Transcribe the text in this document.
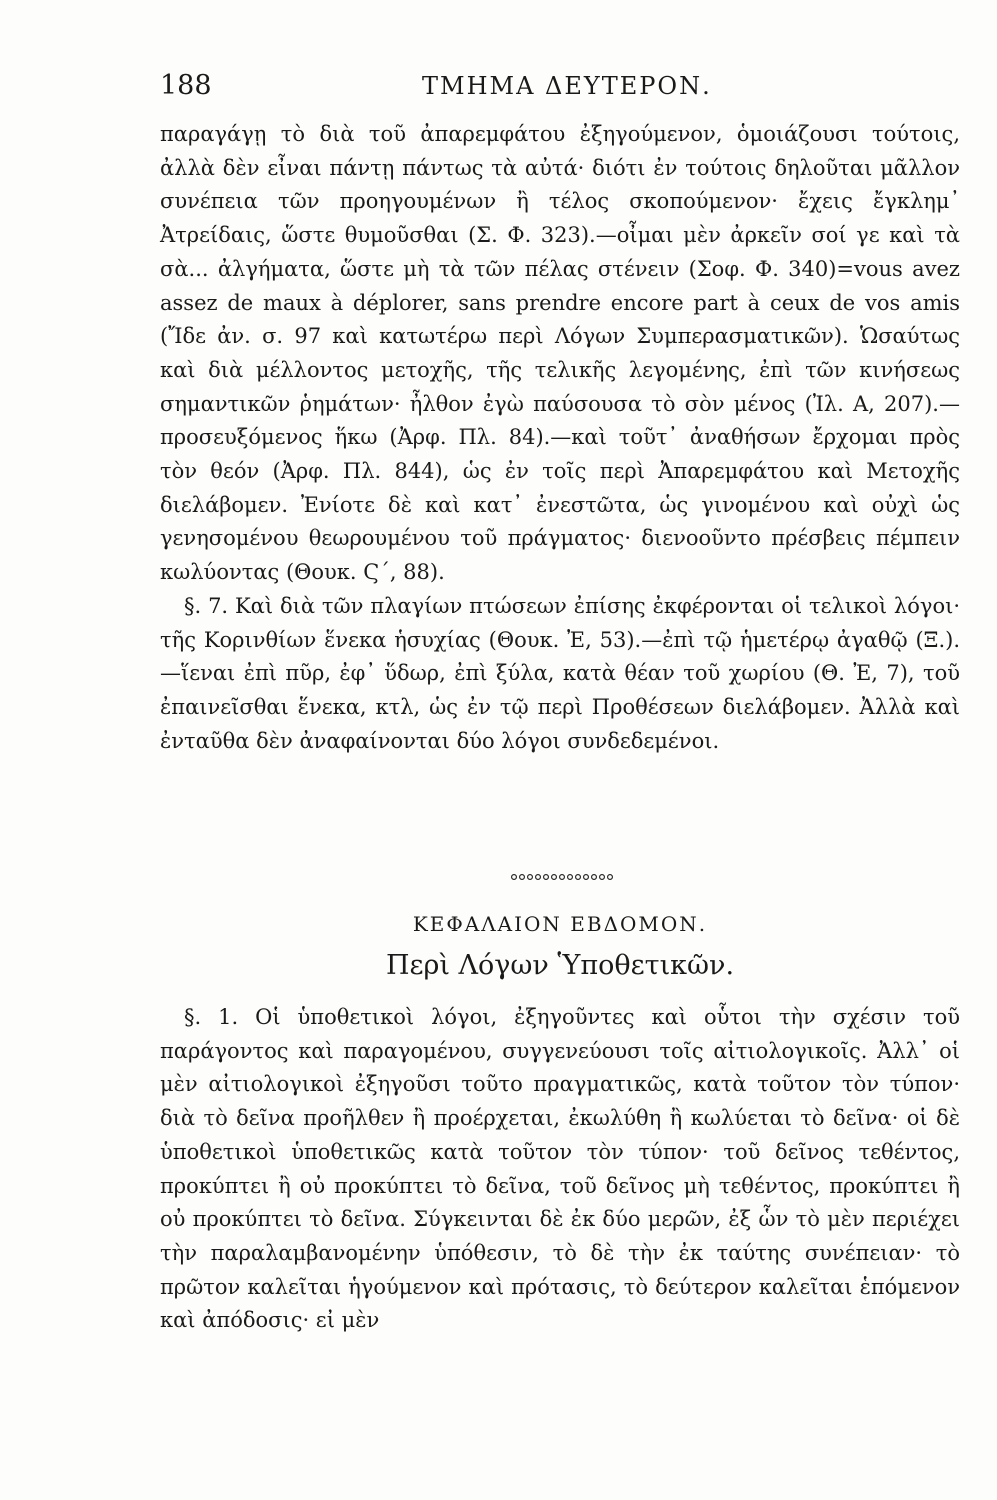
188	ΤΜΗΜΑ ΔΕΥΤΕΡΟΝ.

παραγάγῃ τὸ διὰ τοῦ ἀπαρεμφάτου ἐξηγούμενον, ὁμοιάζουσι τούτοις, ἀλλὰ δὲν εἶναι πάντῃ πάντως τὰ αὐτά· διότι ἐν τούτοις δηλοῦται μᾶλλον συνέπεια τῶν προηγουμένων ἢ τέλος σκοπούμενον· ἔχεις ἔγκλημ᾽ Ἀτρείδαις, ὥστε θυμοῦσθαι (Σ. Φ. 323).—οἶμαι μὲν ἀρκεῖν σοί γε καὶ τὰ σὰ... ἀλγήματα, ὥστε μὴ τὰ τῶν πέλας στένειν (Σοφ. Φ. 340)=vous avez assez de maux à déplorer, sans prendre encore part à ceux de vos amis (Ἴδε ἀν. σ. 97 καὶ κατωτέρω περὶ Λόγων Συμπερασματικῶν). Ὡσαύτως καὶ διὰ μέλλοντος μετοχῆς, τῆς τελικῆς λεγομένης, ἐπὶ τῶν κινήσεως σημαντικῶν ῥημάτων· ἦλθον ἐγὼ παύσουσα τὸ σὸν μένος (Ἰλ. Α, 207).—προσευξόμενος ἥκω (Ἀρφ. Πλ. 84).—καὶ τοῦτ᾽ ἀναθήσων ἔρχομαι πρὸς τὸν θεόν (Ἀρφ. Πλ. 844), ὡς ἐν τοῖς περὶ Ἀπαρεμφάτου καὶ Μετοχῆς διελάβομεν. Ἐνίοτε δὲ καὶ κατ᾽ ἐνεστῶτα, ὡς γινομένου καὶ οὐχὶ ὡς γενησομένου θεωρουμένου τοῦ πράγματος· διενοοῦντο πρέσβεις πέμπειν κωλύοντας (Θουκ. Ϛ΄, 88).

§. 7. Καὶ διὰ τῶν πλαγίων πτώσεων ἐπίσης ἐκφέρονται οἱ τελικοὶ λόγοι· τῆς Κορινθίων ἕνεκα ἡσυχίας (Θουκ. Ἐ, 53).—ἐπὶ τῷ ἡμετέρῳ ἀγαθῷ (Ξ.).—ἵεναι ἐπὶ πῦρ, ἐφ᾽ ὕδωρ, ἐπὶ ξύλα, κατὰ θέαν τοῦ χωρίου (Θ. Ἐ, 7), τοῦ ἐπαινεῖσθαι ἕνεκα, κτλ, ὡς ἐν τῷ περὶ Προθέσεων διελάβομεν. Ἀλλὰ καὶ ἐνταῦθα δὲν ἀναφαίνονται δύο λόγοι συνδεδεμένοι.

ΚΕΦΑΛΑΙΟΝ ΕΒΔΟΜΟΝ.
Περὶ Λόγων Ὑποθετικῶν.

§. 1. Οἱ ὑποθετικοὶ λόγοι, ἐξηγοῦντες καὶ οὗτοι τὴν σχέσιν τοῦ παράγοντος καὶ παραγομένου, συγγενεύουσι τοῖς αἰτιολογικοῖς. Ἀλλ᾽ οἱ μὲν αἰτιολογικοὶ ἐξηγοῦσι τοῦτο πραγματικῶς, κατὰ τοῦτον τὸν τύπον· διὰ τὸ δεῖνα προῆλθεν ἢ προέρχεται, ἐκωλύθη ἢ κωλύεται τὸ δεῖνα· οἱ δὲ ὑποθετικοὶ ὑποθετικῶς κατὰ τοῦτον τὸν τύπον· τοῦ δεῖνος τεθέντος, προκύπτει ἢ οὐ προκύπτει τὸ δεῖνα, τοῦ δεῖνος μὴ τεθέντος, προκύπτει ἢ οὐ προκύπτει τὸ δεῖνα. Σύγκεινται δὲ ἐκ δύο μερῶν, ἐξ ὧν τὸ μὲν περιέχει τὴν παραλαμβανομένην ὑπόθεσιν, τὸ δὲ τὴν ἐκ ταύτης συνέπειαν· τὸ πρῶτον καλεῖται ἡγούμενον καὶ πρότασις, τὸ δεύτερον καλεῖται ἑπόμενον καὶ ἀπόδοσις· εἰ μὲν
